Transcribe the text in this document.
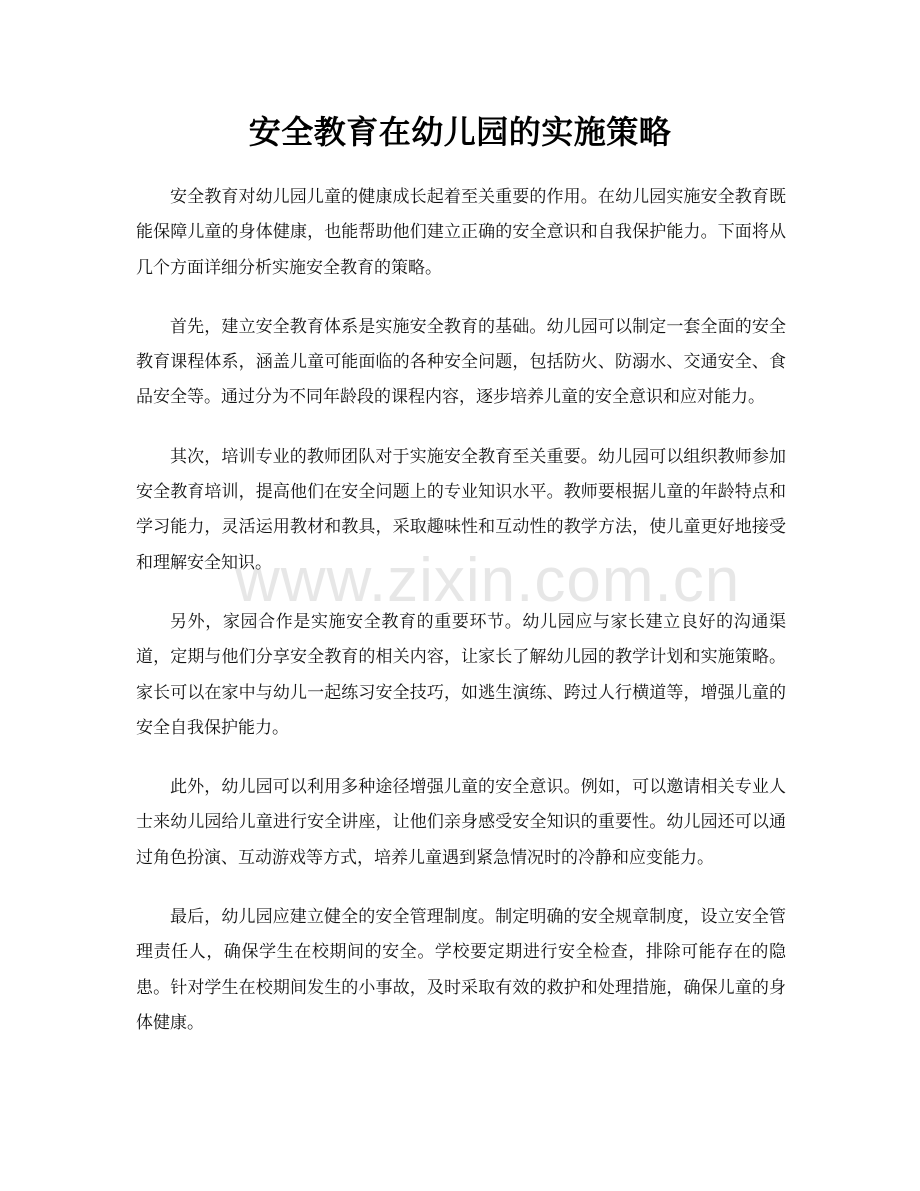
安全教育在幼儿园的实施策略

安全教育对幼儿园儿童的健康成长起着至关重要的作用。在幼儿园实施安全教育既能保障儿童的身体健康，也能帮助他们建立正确的安全意识和自我保护能力。下面将从几个方面详细分析实施安全教育的策略。

首先，建立安全教育体系是实施安全教育的基础。幼儿园可以制定一套全面的安全教育课程体系，涵盖儿童可能面临的各种安全问题，包括防火、防溺水、交通安全、食品安全等。通过分为不同年龄段的课程内容，逐步培养儿童的安全意识和应对能力。

其次，培训专业的教师团队对于实施安全教育至关重要。幼儿园可以组织教师参加安全教育培训，提高他们在安全问题上的专业知识水平。教师要根据儿童的年龄特点和学习能力，灵活运用教材和教具，采取趣味性和互动性的教学方法，使儿童更好地接受和理解安全知识。

另外，家园合作是实施安全教育的重要环节。幼儿园应与家长建立良好的沟通渠道，定期与他们分享安全教育的相关内容，让家长了解幼儿园的教学计划和实施策略。家长可以在家中与幼儿一起练习安全技巧，如逃生演练、跨过人行横道等，增强儿童的安全自我保护能力。

此外，幼儿园可以利用多种途径增强儿童的安全意识。例如，可以邀请相关专业人士来幼儿园给儿童进行安全讲座，让他们亲身感受安全知识的重要性。幼儿园还可以通过角色扮演、互动游戏等方式，培养儿童遇到紧急情况时的冷静和应变能力。

最后，幼儿园应建立健全的安全管理制度。制定明确的安全规章制度，设立安全管理责任人，确保学生在校期间的安全。学校要定期进行安全检查，排除可能存在的隐患。针对学生在校期间发生的小事故，及时采取有效的救护和处理措施，确保儿童的身体健康。

www.zixin.com.cn
